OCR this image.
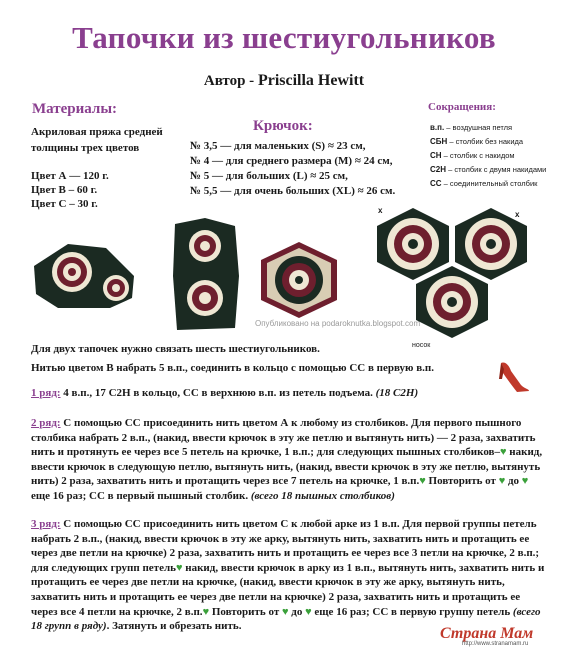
Тапочки из шестиугольников
Автор - Priscilla Hewitt
Материалы:
Акриловая пряжа средней
толщины трех цветов
Цвет А — 120 г.
Цвет В – 60 г.
Цвет С – 30 г.
Крючок:
№ 3,5 — для маленьких (S) ≈ 23 см,
№ 4 — для среднего размера (M) ≈ 24 см,
№ 5 — для больших (L) ≈ 25 см,
№ 5,5 — для очень больших (XL) ≈ 26 см.
Сокращения:
в.п. – воздушная петля
СБН – столбик без накида
СН – столбик с накидом
С2Н – столбик с двумя накидами
СС – соединительный столбик
Опубликовано на podaroknutka.blogspot.com
x	x
носок
Для двух тапочек нужно связать шесть шестиугольников.
Нитью цветом В набрать 5 в.п., соединить в кольцо с помощью СС в первую в.п.
1 ряд: 4 в.п., 17 С2Н в кольцо, СС в верхнюю в.п. из петель подъема. (18 С2Н)
2 ряд: С помощью СС присоединить нить цветом А к любому из столбиков. Для первого пышного столбика набрать 2 в.п., (накид, ввести крючок в эту же петлю и вытянуть нить) — 2 раза, захватить нить и протянуть ее через все 5 петель на крючке, 1 в.п.; для следующих пышных столбиков–♥ накид, ввести крючок в следующую петлю, вытянуть нить, (накид, ввести крючок в эту же петлю, вытянуть нить) 2 раза, захватить нить и протащить через все 7 петель на крючке, 1 в.п.♥ Повторить от ♥ до ♥ еще 16 раз; СС в первый пышный столбик. (всего 18 пышных столбиков)
3 ряд: С помощью СС присоединить нить цветом С к любой арке из 1 в.п. Для первой группы петель набрать 2 в.п., (накид, ввести крючок в эту же арку, вытянуть нить, захватить нить и протащить ее через две петли на крючке) 2 раза, захватить нить и протащить ее через все 3 петли на крючке, 2 в.п.; для следующих групп петель♥ накид, ввести крючок в арку из 1 в.п., вытянуть нить, захватить нить и протащить ее через две петли на крючке, (накид, ввести крючок в эту же арку, вытянуть нить, захватить нить и протащить ее через две петли на крючке) 2 раза, захватить нить и протащить ее через все 4 петли на крючке, 2 в.п.♥ Повторить от ♥ до ♥ еще 16 раз; СС в первую группу петель (всего 18 групп в ряду). Затянуть и обрезать нить.	Страна Мам
http://www.stranamam.ru
